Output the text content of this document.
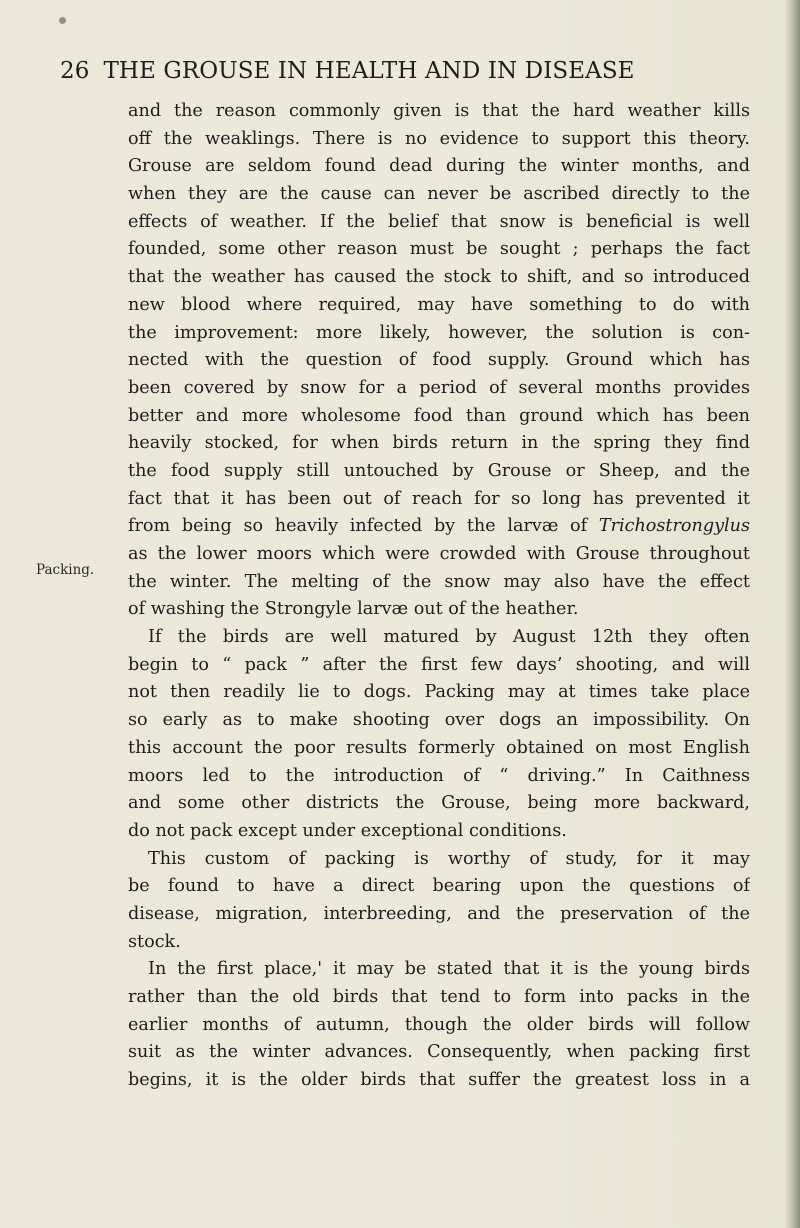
26 THE GROUSE IN HEALTH AND IN DISEASE
Packing.
and the reason commonly given is that the hard weather kills
off the weaklings. There is no evidence to support this theory.
Grouse are seldom found dead during the winter months, and
when they are the cause can never be ascribed directly to the
effects of weather. If the belief that snow is beneficial is well
founded, some other reason must be sought ; perhaps the fact
that the weather has caused the stock to shift, and so introduced
new blood where required, may have something to do with
the improvement: more likely, however, the solution is con-
nected with the question of food supply. Ground which has
been covered by snow for a period of several months provides
better and more wholesome food than ground which has been
heavily stocked, for when birds return in the spring they find
the food supply still untouched by Grouse or Sheep, and the
fact that it has been out of reach for so long has prevented it
from being so heavily infected by the larvæ of Trichostrongylus
as the lower moors which were crowded with Grouse throughout
the winter. The melting of the snow may also have the effect
of washing the Strongyle larvæ out of the heather.
If the birds are well matured by August 12th they often
begin to “ pack ” after the first few days’ shooting, and will
not then readily lie to dogs. Packing may at times take place
so early as to make shooting over dogs an impossibility. On
this account the poor results formerly obtained on most English
moors led to the introduction of “ driving.” In Caithness
and some other districts the Grouse, being more backward,
do not pack except under exceptional conditions.
This custom of packing is worthy of study, for it may
be found to have a direct bearing upon the questions of
disease, migration, interbreeding, and the preservation of the
stock.
In the first place,' it may be stated that it is the young birds
rather than the old birds that tend to form into packs in the
earlier months of autumn, though the older birds will follow
suit as the winter advances. Consequently, when packing first
begins, it is the older birds that suffer the greatest loss in a
